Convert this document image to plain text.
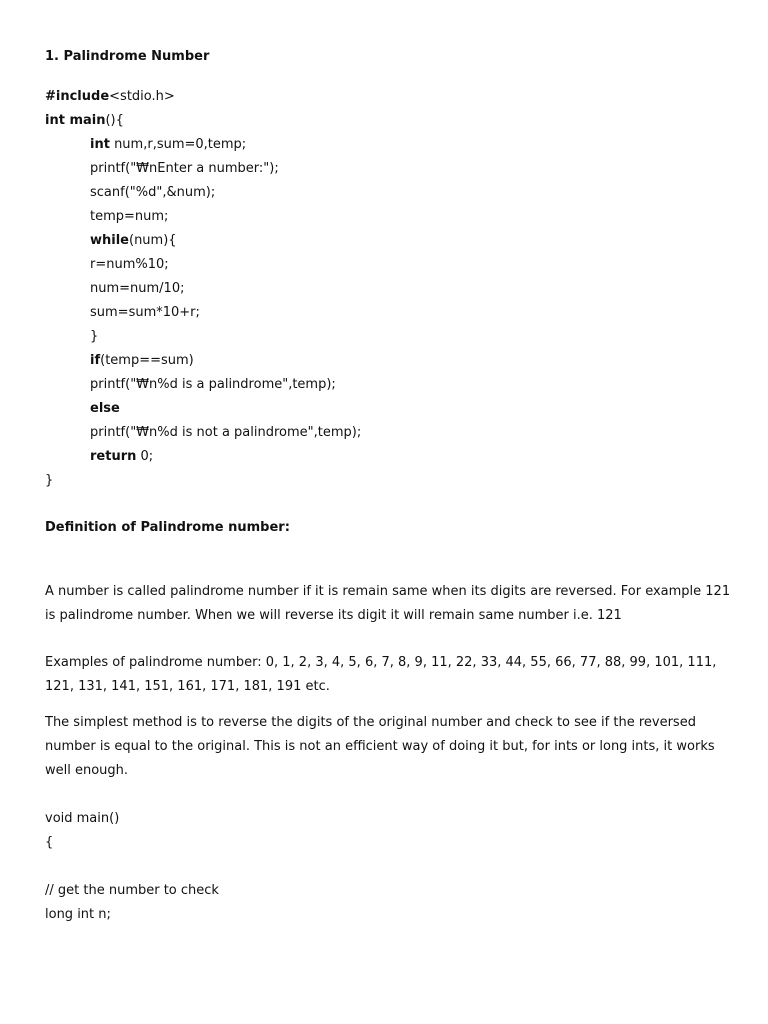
1. Palindrome Number
#include<stdio.h>
int main(){
int num,r,sum=0,temp;
printf("₩nEnter a number:");
scanf("%d",&num);
temp=num;
while(num){
r=num%10;
num=num/10;
sum=sum*10+r;
}
if(temp==sum)
printf("₩n%d is a palindrome",temp);
else
printf("₩n%d is not a palindrome",temp);
return 0;
}
Definition of Palindrome number:
A number is called palindrome number if it is remain same when its digits are reversed. For example 121 is palindrome number. When we will reverse its digit it will remain same number i.e. 121
Examples of palindrome number: 0, 1, 2, 3, 4, 5, 6, 7, 8, 9, 11, 22, 33, 44, 55, 66, 77, 88, 99, 101, 111, 121, 131, 141, 151, 161, 171, 181, 191 etc.
The simplest method is to reverse the digits of the original number and check to see if the reversed number is equal to the original. This is not an efficient way of doing it but, for ints or long ints, it works well enough.
void main()
{
// get the number to check
long int n;
